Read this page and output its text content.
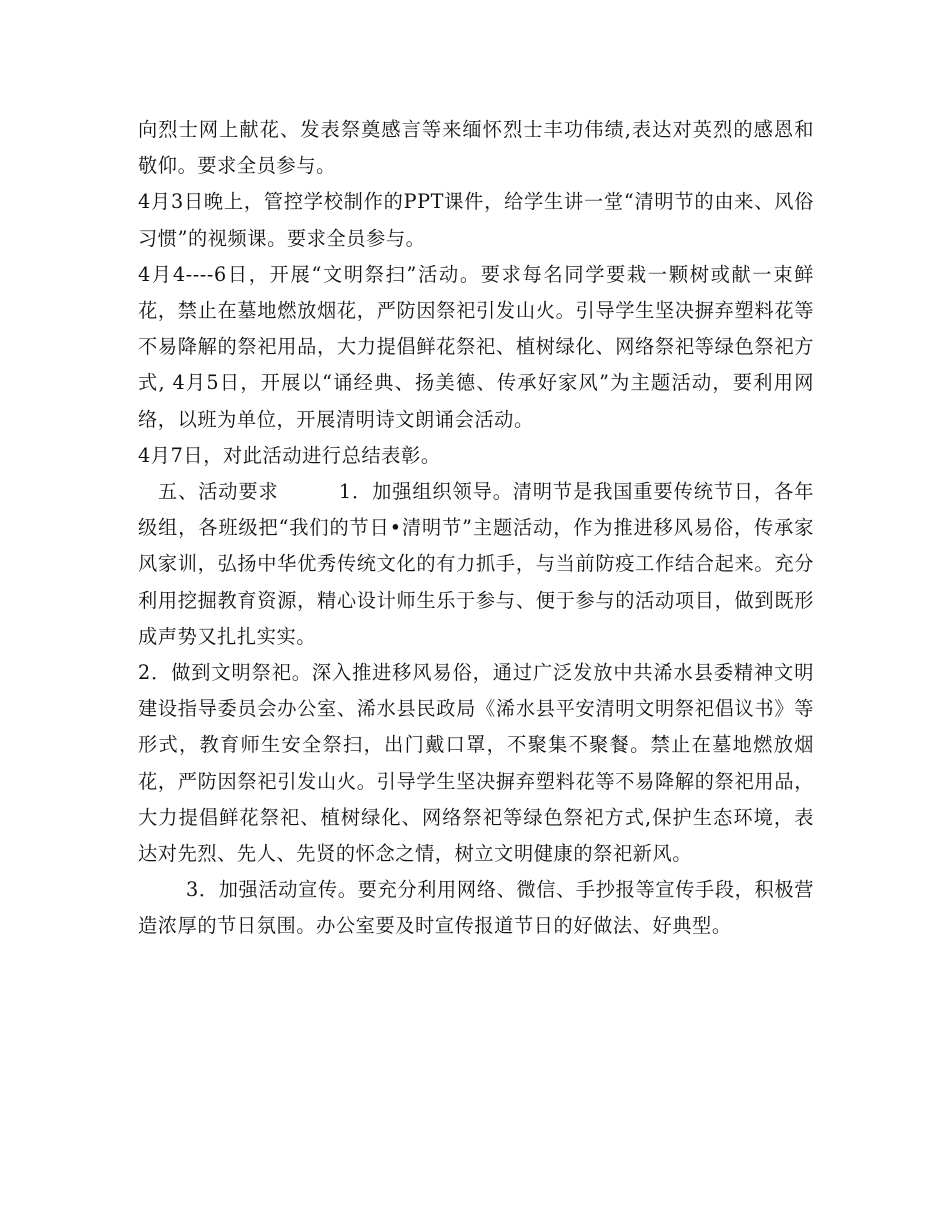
向烈士网上献花、发表祭奠感言等来缅怀烈士丰功伟绩,表达对英烈的感恩和敬仰。要求全员参与。

4月3日晚上，管控学校制作的PPT课件，给学生讲一堂“清明节的由来、风俗习惯”的视频课。要求全员参与。

4月4----6日，开展“文明祭扫”活动。要求每名同学要栽一颗树或献一束鲜花，禁止在墓地燃放烟花，严防因祭祀引发山火。引导学生坚决摒弃塑料花等不易降解的祭祀用品，大力提倡鲜花祭祀、植树绿化、网络祭祀等绿色祭祀方式, 4月5日，开展以“诵经典、扬美德、传承好家风”为主题活动，要利用网络，以班为单位，开展清明诗文朗诵会活动。

4月7日，对此活动进行总结表彰。

五、活动要求　　　1．加强组织领导。清明节是我国重要传统节日，各年级组，各班级把“我们的节日•清明节”主题活动，作为推进移风易俗，传承家风家训，弘扬中华优秀传统文化的有力抓手，与当前防疫工作结合起来。充分利用挖掘教育资源，精心设计师生乐于参与、便于参与的活动项目，做到既形成声势又扎扎实实。

2．做到文明祭祀。深入推进移风易俗，通过广泛发放中共浠水县委精神文明建设指导委员会办公室、浠水县民政局《浠水县平安清明文明祭祀倡议书》等形式，教育师生安全祭扫，出门戴口罩，不聚集不聚餐。禁止在墓地燃放烟花，严防因祭祀引发山火。引导学生坚决摒弃塑料花等不易降解的祭祀用品，大力提倡鲜花祭祀、植树绿化、网络祭祀等绿色祭祀方式,保护生态环境，表达对先烈、先人、先贤的怀念之情，树立文明健康的祭祀新风。

3．加强活动宣传。要充分利用网络、微信、手抄报等宣传手段，积极营造浓厚的节日氛围。办公室要及时宣传报道节日的好做法、好典型。
